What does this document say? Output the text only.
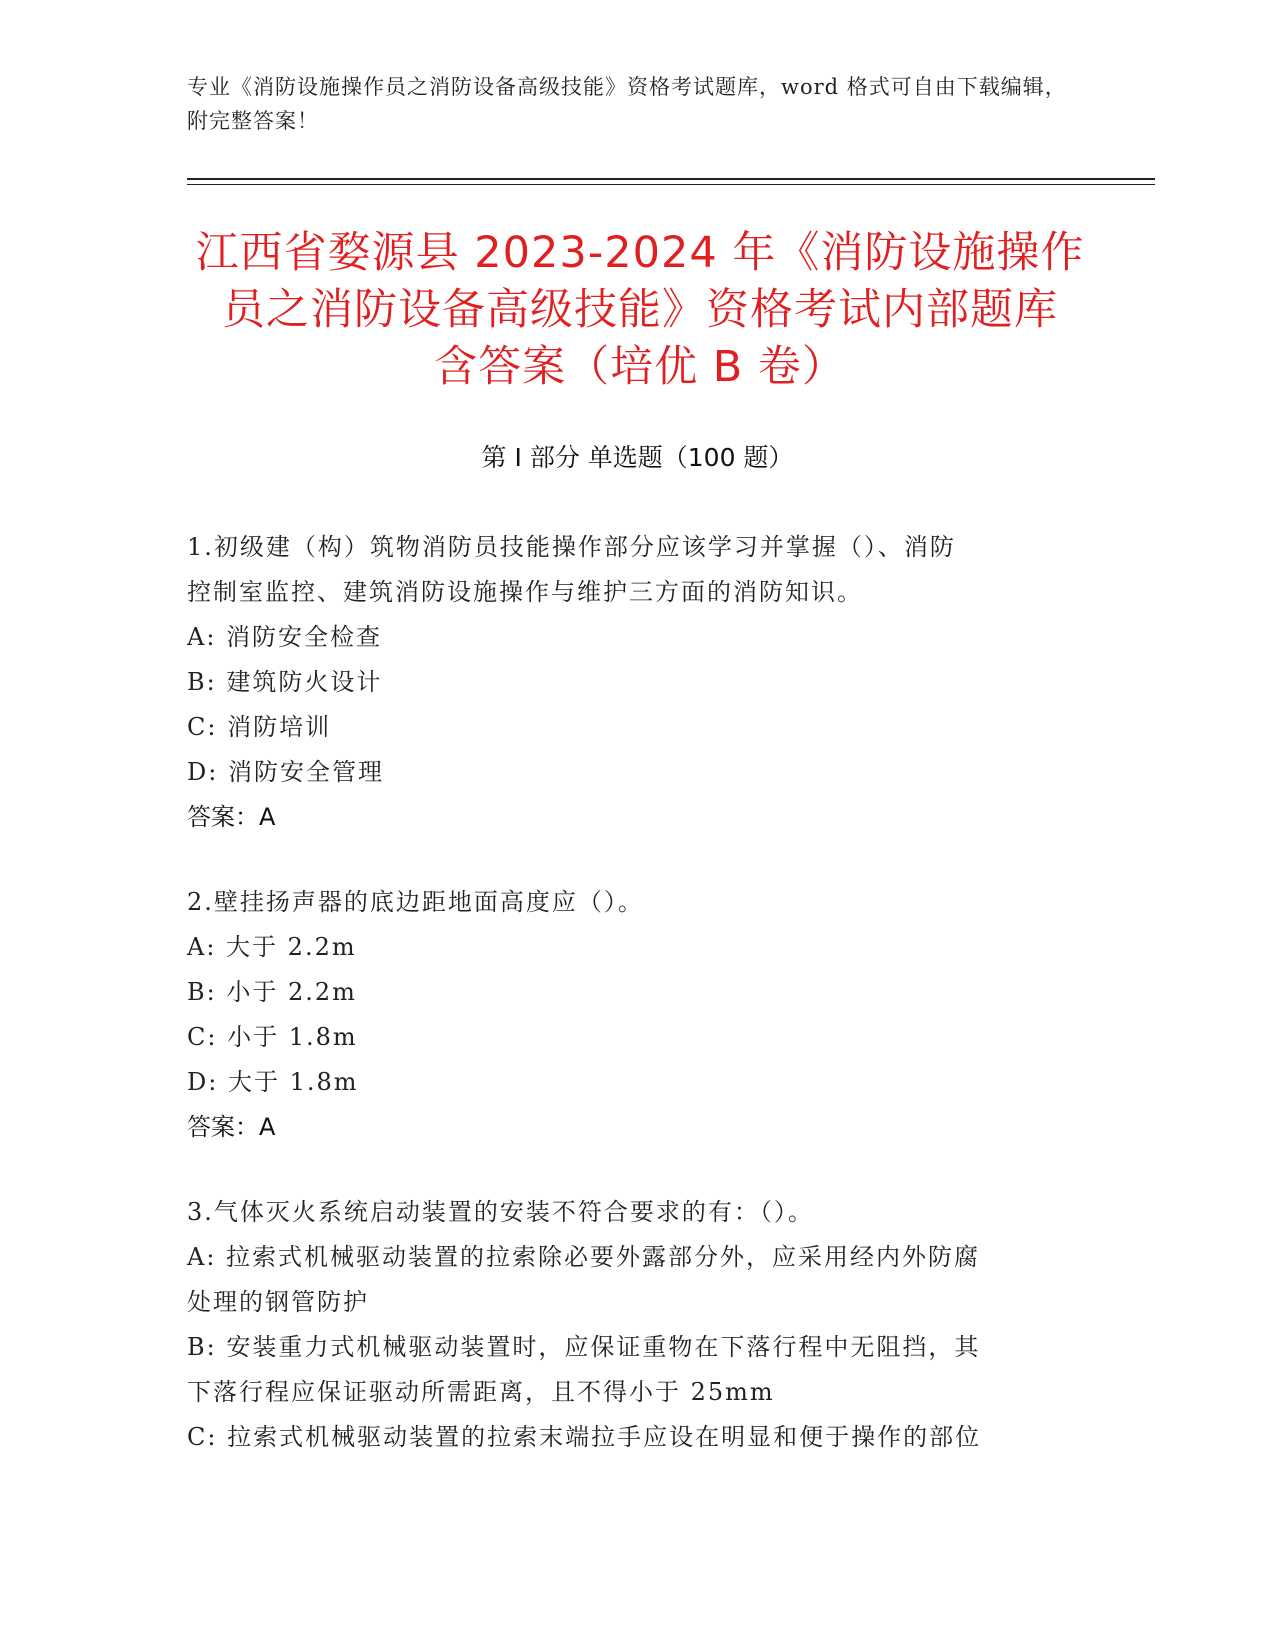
专业《消防设施操作员之消防设备高级技能》资格考试题库，word 格式可自由下载编辑，附完整答案！
江西省婺源县 2023-2024 年《消防设施操作
员之消防设备高级技能》资格考试内部题库
含答案（培优 B 卷）
第 I 部分 单选题（100 题）
1.初级建（构）筑物消防员技能操作部分应该学习并掌握（）、消防
控制室监控、建筑消防设施操作与维护三方面的消防知识。
A: 消防安全检查
B: 建筑防火设计
C: 消防培训
D: 消防安全管理
答案：A
2.壁挂扬声器的底边距地面高度应（）。
A: 大于 2.2m
B: 小于 2.2m
C: 小于 1.8m
D: 大于 1.8m
答案：A
3.气体灭火系统启动装置的安装不符合要求的有：（）。
A: 拉索式机械驱动装置的拉索除必要外露部分外，应采用经内外防腐
处理的钢管防护
B: 安装重力式机械驱动装置时，应保证重物在下落行程中无阻挡，其
下落行程应保证驱动所需距离，且不得小于 25mm
C: 拉索式机械驱动装置的拉索末端拉手应设在明显和便于操作的部位
